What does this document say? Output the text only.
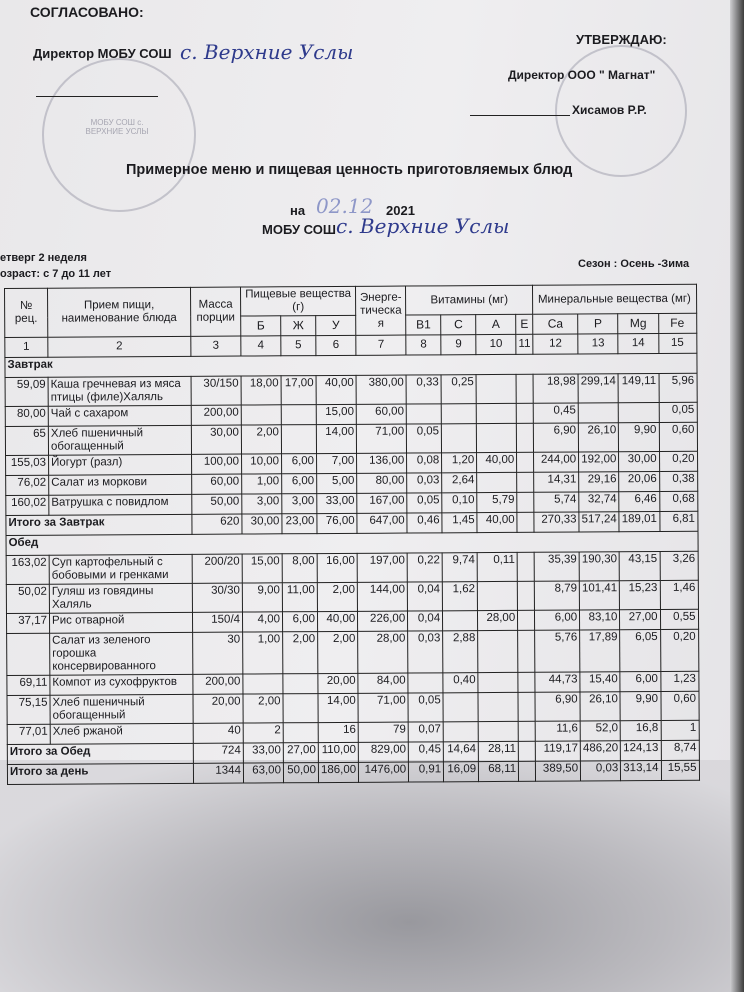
МОБУ СОШ с. ВЕРХНИЕ УСЛЫ
СОГЛАСОВАНО:
Директор МОБУ СОШ с. Верхние Услы
УТВЕРЖДАЮ:
Директор ООО " Магнат"
Хисамов Р.Р.
Примерное меню и пищевая ценность приготовляемых блюд
на 02.12 2021
МОБУ СОШ с. Верхние Услы
етверг 2 неделя
озраст: с 7 до 11 лет
Сезон : Осень -Зима
№ рец.	Прием пищи, наименование блюда	Масса порции	Пищевые вещества (г)			Энерге-тическа я	Витамины (мг)				Минеральные вещества (мг)			
			Б	Ж	У		В1	С	А	Е	Ca	P	Mg	Fe
1	2	3	4	5	6	7	8	9	10	11	12	13	14	15
Завтрак														
59,09	Каша гречневая из мяса птицы (филе)Халяль	30/150	18,00	17,00	40,00	380,00	0,33	0,25			18,98	299,14	149,11	5,96
80,00	Чай с сахаром	200,00			15,00	60,00					0,45			0,05
65	Хлеб пшеничный обогащенный	30,00	2,00		14,00	71,00	0,05				6,90	26,10	9,90	0,60
155,03	Йогурт (разл)	100,00	10,00	6,00	7,00	136,00	0,08	1,20	40,00		244,00	192,00	30,00	0,20
76,02	Салат из моркови	60,00	1,00	6,00	5,00	80,00	0,03	2,64			14,31	29,16	20,06	0,38
160,02	Ватрушка с повидлом	50,00	3,00	3,00	33,00	167,00	0,05	0,10	5,79		5,74	32,74	6,46	0,68
Итого за Завтрак		620	30,00	23,00	76,00	647,00	0,46	1,45	40,00		270,33	517,24	189,01	6,81
Обед														
163,02	Суп картофельный с бобовыми и гренками	200/20	15,00	8,00	16,00	197,00	0,22	9,74	0,11		35,39	190,30	43,15	3,26
50,02	Гуляш из говядины Халяль	30/30	9,00	11,00	2,00	144,00	0,04	1,62			8,79	101,41	15,23	1,46
37,17	Рис отварной	150/4	4,00	6,00	40,00	226,00	0,04		28,00		6,00	83,10	27,00	0,55
	Салат из зеленого горошка консервированного	30	1,00	2,00	2,00	28,00	0,03	2,88			5,76	17,89	6,05	0,20
69,11	Компот из сухофруктов	200,00			20,00	84,00		0,40			44,73	15,40	6,00	1,23
75,15	Хлеб пшеничный обогащенный	20,00	2,00		14,00	71,00	0,05				6,90	26,10	9,90	0,60
77,01	Хлеб ржаной	40	2		16	79	0,07				11,6	52,0	16,8	1
Итого за Обед		724	33,00	27,00	110,00	829,00	0,45	14,64	28,11		119,17	486,20	124,13	8,74
Итого за день		1344	63,00	50,00	186,00	1476,00	0,91	16,09	68,11		389,50	0,03	313,14	15,55
